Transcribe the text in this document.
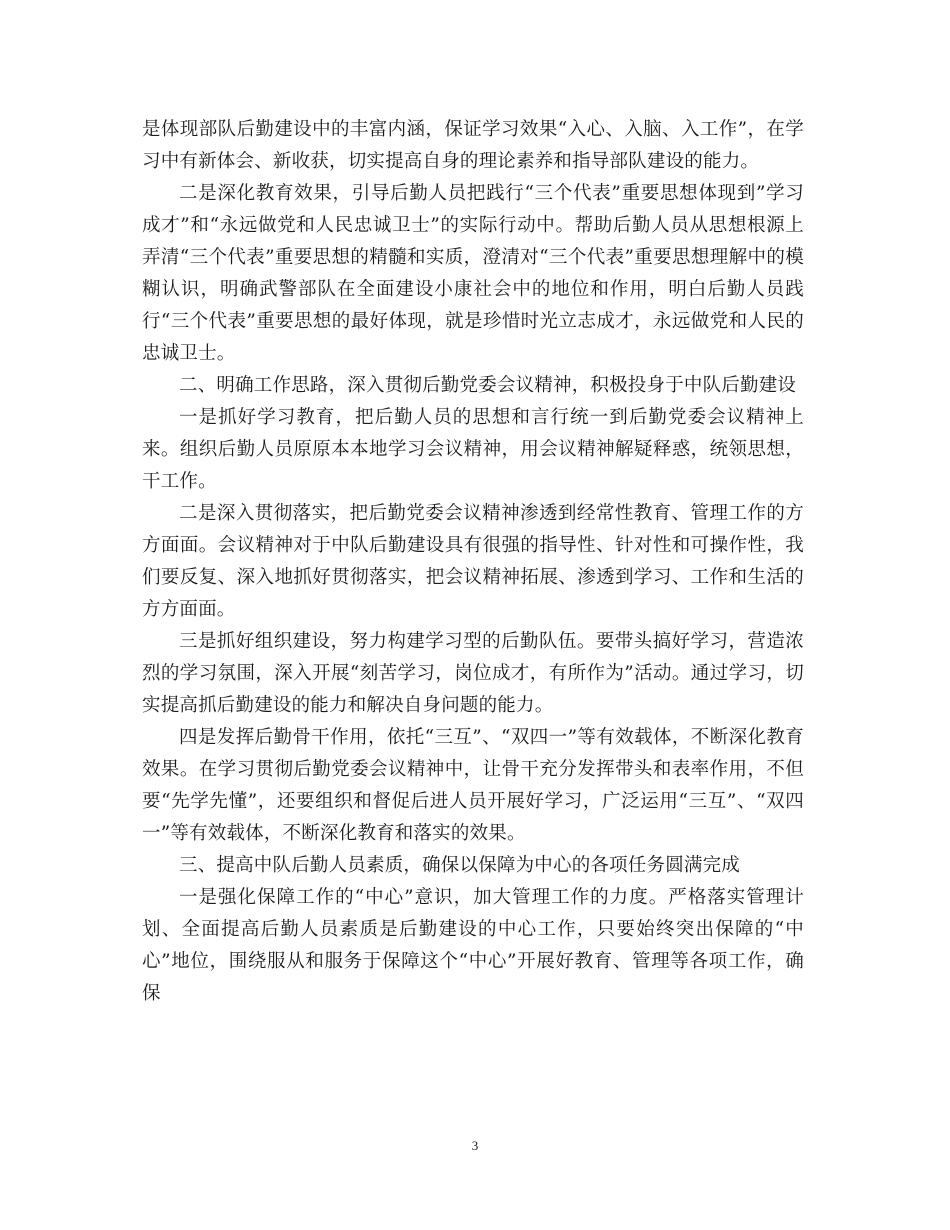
是体现部队后勤建设中的丰富内涵，保证学习效果“入心、入脑、入工作”，在学习中有新体会、新收获，切实提高自身的理论素养和指导部队建设的能力。

二是深化教育效果，引导后勤人员把践行“三个代表”重要思想体现到”学习成才”和“永远做党和人民忠诚卫士”的实际行动中。帮助后勤人员从思想根源上弄清“三个代表”重要思想的精髓和实质，澄清对“三个代表”重要思想理解中的模糊认识，明确武警部队在全面建设小康社会中的地位和作用，明白后勤人员践行“三个代表”重要思想的最好体现，就是珍惜时光立志成才，永远做党和人民的忠诚卫士。

二、明确工作思路，深入贯彻后勤党委会议精神，积极投身于中队后勤建设

一是抓好学习教育，把后勤人员的思想和言行统一到后勤党委会议精神上来。组织后勤人员原原本本地学习会议精神，用会议精神解疑释惑，统领思想，干工作。

二是深入贯彻落实，把后勤党委会议精神渗透到经常性教育、管理工作的方方面面。会议精神对于中队后勤建设具有很强的指导性、针对性和可操作性，我们要反复、深入地抓好贯彻落实，把会议精神拓展、渗透到学习、工作和生活的方方面面。

三是抓好组织建设，努力构建学习型的后勤队伍。要带头搞好学习，营造浓烈的学习氛围，深入开展“刻苦学习，岗位成才，有所作为”活动。通过学习，切实提高抓后勤建设的能力和解决自身问题的能力。

四是发挥后勤骨干作用，依托“三互”、“双四一”等有效载体，不断深化教育效果。在学习贯彻后勤党委会议精神中，让骨干充分发挥带头和表率作用，不但要“先学先懂”，还要组织和督促后进人员开展好学习，广泛运用“三互”、“双四一”等有效载体，不断深化教育和落实的效果。

三、提高中队后勤人员素质，确保以保障为中心的各项任务圆满完成

一是强化保障工作的“中心”意识，加大管理工作的力度。严格落实管理计划、全面提高后勤人员素质是后勤建设的中心工作，只要始终突出保障的“中心”地位，围绕服从和服务于保障这个“中心”开展好教育、管理等各项工作，确保

3
